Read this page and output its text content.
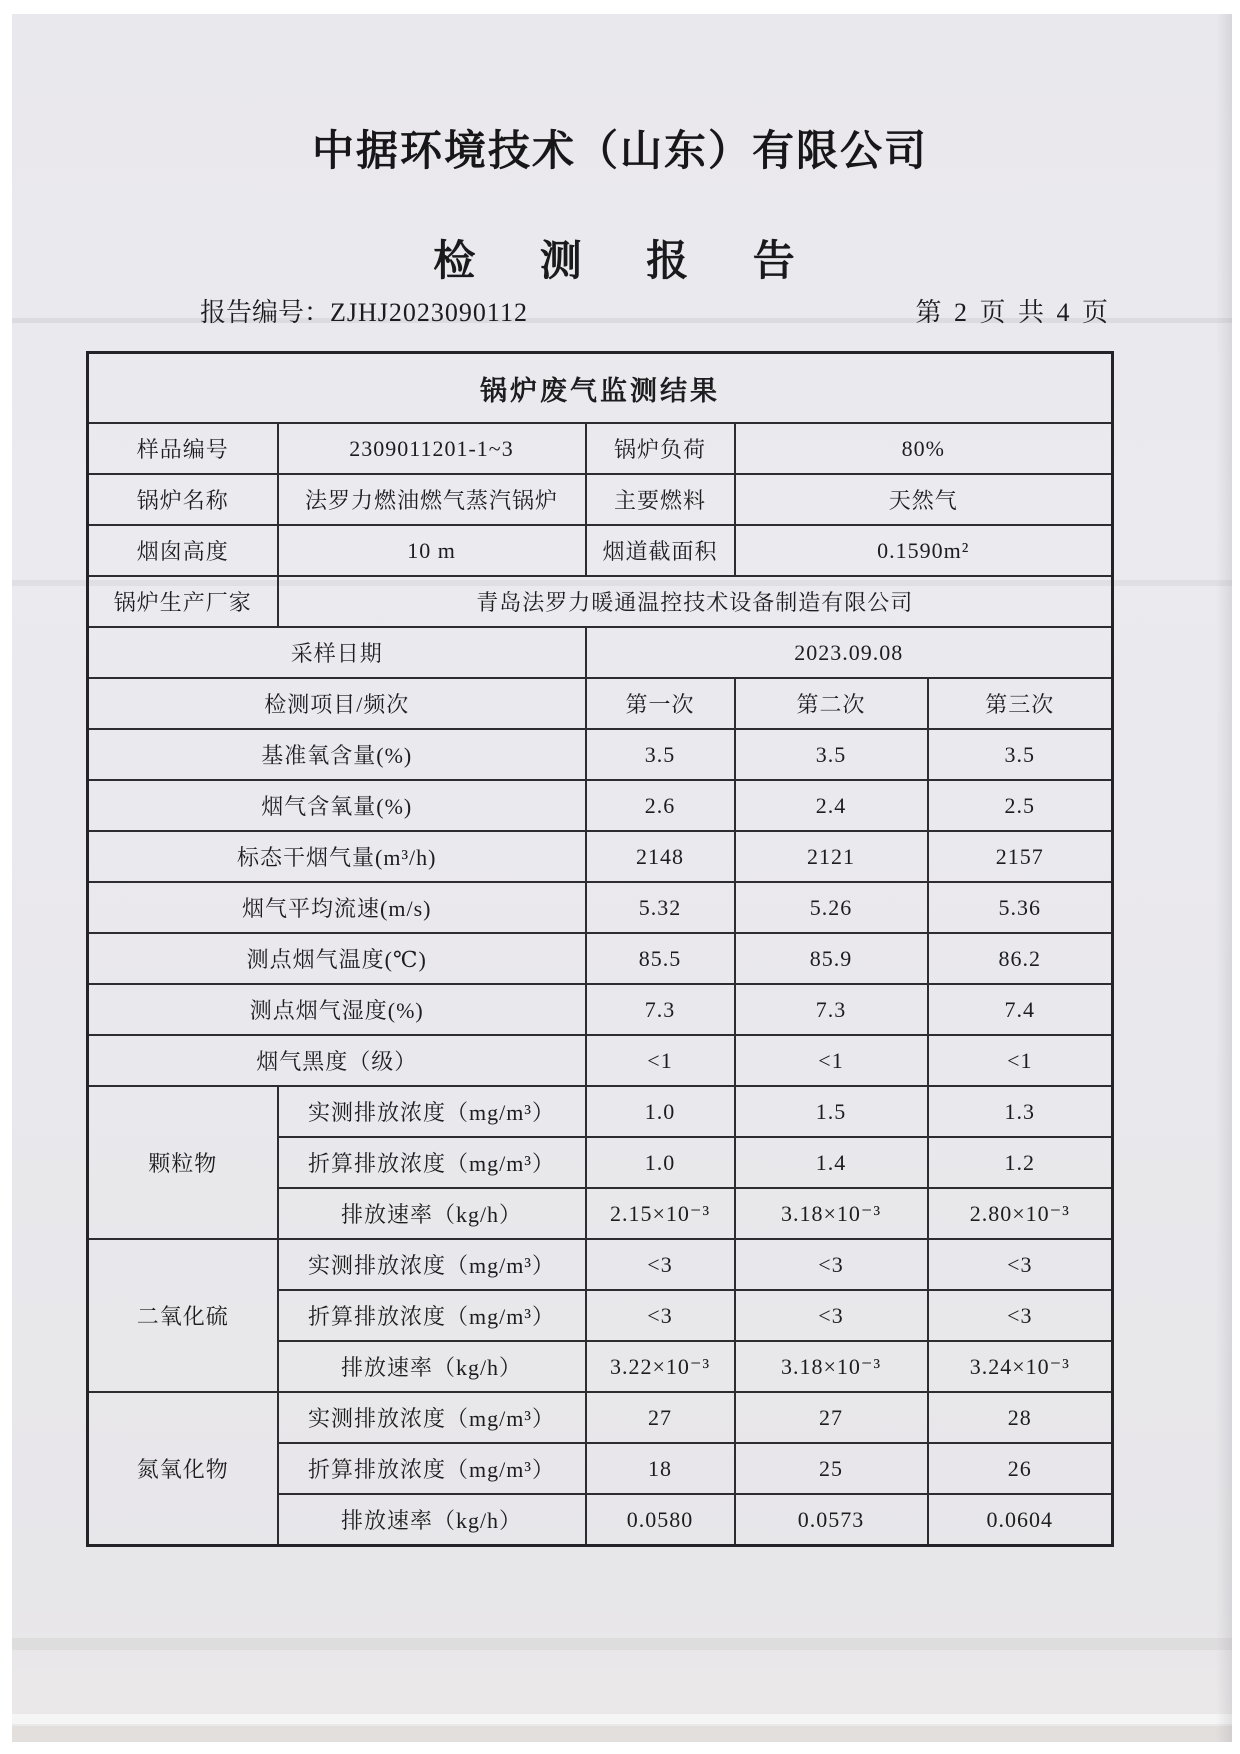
中据环境技术（山东）有限公司
检 测 报 告
报告编号：ZJHJ2023090112	第 2 页 共 4 页
锅炉废气监测结果				
样品编号	2309011201-1~3	锅炉负荷	80%	
锅炉名称	法罗力燃油燃气蒸汽锅炉	主要燃料	天然气	
烟囱高度	10 m	烟道截面积	0.1590m²	
锅炉生产厂家	青岛法罗力暖通温控技术设备制造有限公司			
采样日期		2023.09.08		
检测项目/频次		第一次	第二次	第三次
基准氧含量(%)		3.5	3.5	3.5
烟气含氧量(%)		2.6	2.4	2.5
标态干烟气量(m³/h)		2148	2121	2157
烟气平均流速(m/s)		5.32	5.26	5.36
测点烟气温度(℃)		85.5	85.9	86.2
测点烟气湿度(%)		7.3	7.3	7.4
烟气黑度（级）		<1	<1	<1
颗粒物	实测排放浓度（mg/m³）	1.0	1.5	1.3
	折算排放浓度（mg/m³）	1.0	1.4	1.2
	排放速率（kg/h）	2.15×10⁻³	3.18×10⁻³	2.80×10⁻³
二氧化硫	实测排放浓度（mg/m³）	<3	<3	<3
	折算排放浓度（mg/m³）	<3	<3	<3
	排放速率（kg/h）	3.22×10⁻³	3.18×10⁻³	3.24×10⁻³
氮氧化物	实测排放浓度（mg/m³）	27	27	28
	折算排放浓度（mg/m³）	18	25	26
	排放速率（kg/h）	0.0580	0.0573	0.0604
